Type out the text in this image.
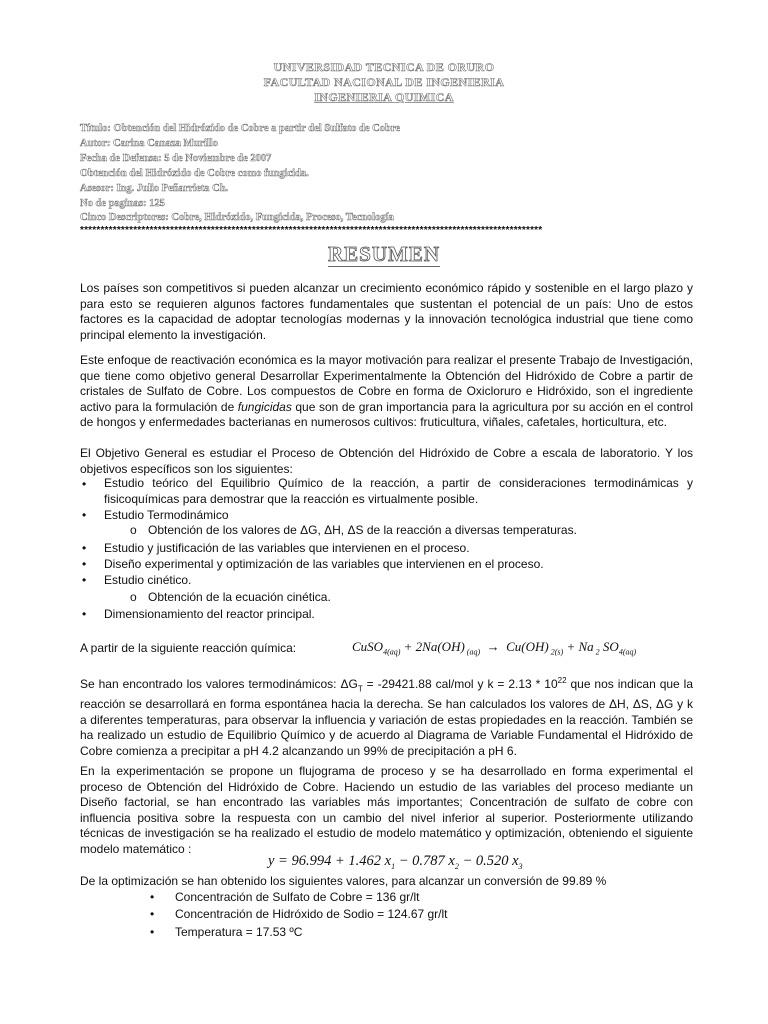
UNIVERSIDAD TECNICA DE ORURO
FACULTAD NACIONAL DE INGENIERIA
INGENIERIA QUIMICA
Título: Obtención del Hidróxido de Cobre a partir del Sulfato de Cobre
Autor: Carina Canaza Murillo
Fecha de Defensa: 5 de Noviembre de 2007
Obtención del Hidróxido de Cobre como fungicida.
Asesor: Ing. Julio Peñarrieta Ch.
No de paginas: 125
Cinco Descriptores: Cobre, Hidróxido, Fungicida, Proceso, Tecnología
*****************************************************************************************************************
RESUMEN

Los países son competitivos si pueden alcanzar un crecimiento económico rápido y sostenible en el largo plazo y para esto se requieren algunos factores fundamentales que sustentan el potencial de un país: Uno de estos factores es la capacidad de adoptar tecnologías modernas y la innovación tecnológica industrial que tiene como principal elemento la investigación.

Este enfoque de reactivación económica es la mayor motivación para realizar el presente Trabajo de Investigación, que tiene como objetivo general Desarrollar Experimentalmente la Obtención del Hidróxido de Cobre a partir de cristales de Sulfato de Cobre. Los compuestos de Cobre en forma de Oxicloruro e Hidróxido, son el ingrediente activo para la formulación de fungicidas que son de gran importancia para la agricultura por su acción en el control de hongos y enfermedades bacterianas en numerosos cultivos: fruticultura, viñales, cafetales, horticultura, etc.

El Objetivo General es estudiar el Proceso de Obtención del Hidróxido de Cobre a escala de laboratorio. Y los objetivos específicos son los siguientes:

• Estudio teórico del Equilibrio Químico de la reacción, a partir de consideraciones termodinámicas y fisicoquímicas para demostrar que la reacción es virtualmente posible.

• Estudio Termodinámico
o Obtención de los valores de ΔG, ΔH, ΔS de la reacción a diversas temperaturas.
• Estudio y justificación de las variables que intervienen en el proceso.
• Diseño experimental y optimización de las variables que intervienen en el proceso.
• Estudio cinético.
o Obtención de la ecuación cinética.
• Dimensionamiento del reactor principal.
A partir de la siguiente reacción química:	CuSO$_{4(aq)}$ + 2Na(OH) $_{(aq)}$  →  Cu(OH) $_{2(s)}$ + Na $_2$ $SO_{4(aq)}$

Se han encontrado los valores termodinámicos: $\Delta G_T = -29421.88$ cal/mol y $k = 2.13 * 10^{22}$ que nos indican que la reacción se desarrollará en forma espontánea hacia la derecha. Se han calculados los valores de ΔH, ΔS, ΔG y k a diferentes temperaturas, para observar la influencia y variación de estas propiedades en la reacción. También se ha realizado un estudio de Equilibrio Químico y de acuerdo al Diagrama de Variable Fundamental el Hidróxido de Cobre comienza a precipitar a pH 4.2 alcanzando un 99% de precipitación a pH 6.

En la experimentación se propone un flujograma de proceso y se ha desarrollado en forma experimental el proceso de Obtención del Hidróxido de Cobre. Haciendo un estudio de las variables del proceso mediante un Diseño factorial, se han encontrado las variables más importantes; Concentración de sulfato de cobre con influencia positiva sobre la respuesta con un cambio del nivel inferior al superior. Posteriormente utilizando técnicas de investigación se ha realizado el estudio de modelo matemático y optimización, obteniendo el siguiente modelo matemático :

y = 96.994 + 1.462 $x_1 - 0.787$ $x_2 - 0.520$ $x_3$

De la optimización se han obtenido los siguientes valores, para alcanzar un conversión de 99.89 %

• Concentración de Sulfato de Cobre = 136 gr/lt
• Concentración de Hidróxido de Sodio = 124.67 gr/lt
• Temperatura = 17.53 ºC
